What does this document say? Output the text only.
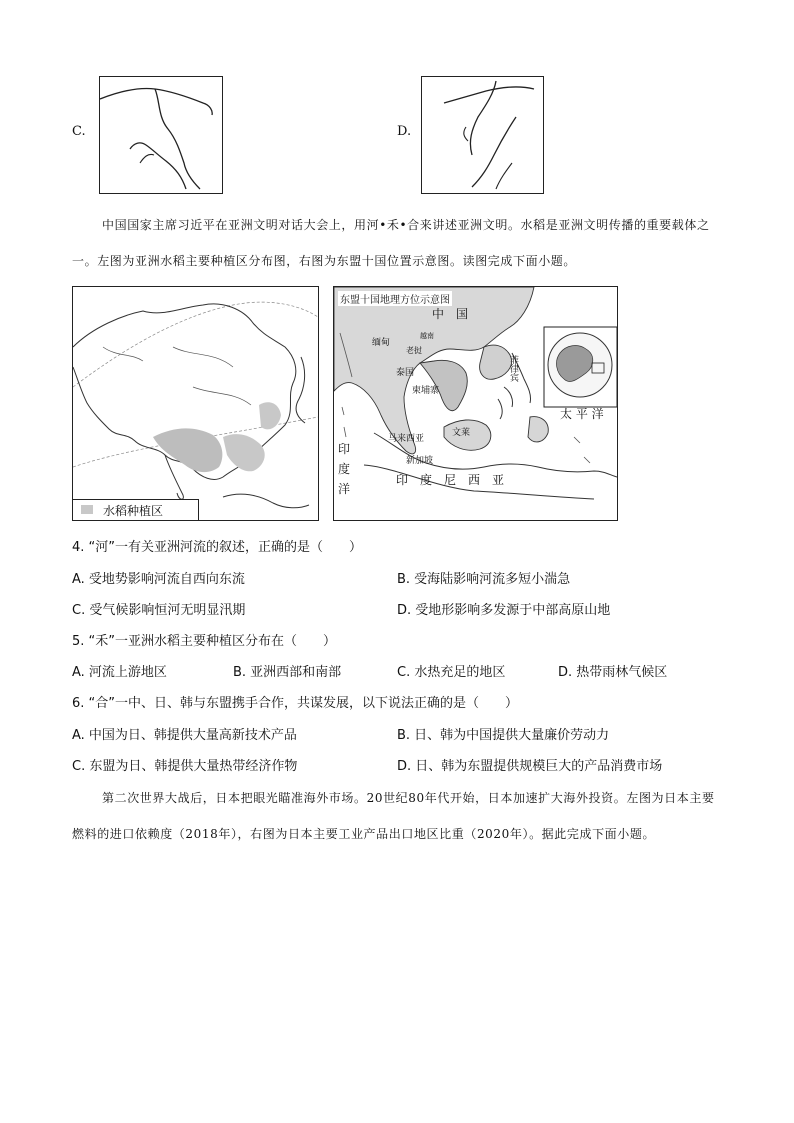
C.	D.
中国国家主席习近平在亚洲文明对话大会上，用河•禾•合来讲述亚洲文明。水稻是亚洲文明传播的重要载体之一。左图为亚洲水稻主要种植区分布图，右图为东盟十国位置示意图。读图完成下面小题。
水稻种植区
东盟十国地理方位示意图
中　国
缅甸
越南
老挝
泰国
柬埔寨
菲律宾
马来西亚
文莱
新加坡
太 平 洋
印度洋
印　度　尼　西　亚
4. “河”一有关亚洲河流的叙述，正确的是（　　）
A. 受地势影响河流自西向东流	B. 受海陆影响河流多短小湍急
C. 受气候影响恒河无明显汛期	D. 受地形影响多发源于中部高原山地
5. “禾”一亚洲水稻主要种植区分布在（　　）
A. 河流上游地区	B. 亚洲西部和南部	C. 水热充足的地区	D. 热带雨林气候区
6. “合”一中、日、韩与东盟携手合作，共谋发展，以下说法正确的是（　　）
A. 中国为日、韩提供大量高新技术产品	B. 日、韩为中国提供大量廉价劳动力
C. 东盟为日、韩提供大量热带经济作物	D. 日、韩为东盟提供规模巨大的产品消费市场
第二次世界大战后，日本把眼光瞄准海外市场。20世纪80年代开始，日本加速扩大海外投资。左图为日本主要燃料的进口依赖度（2018年），右图为日本主要工业产品出口地区比重（2020年）。据此完成下面小题。
